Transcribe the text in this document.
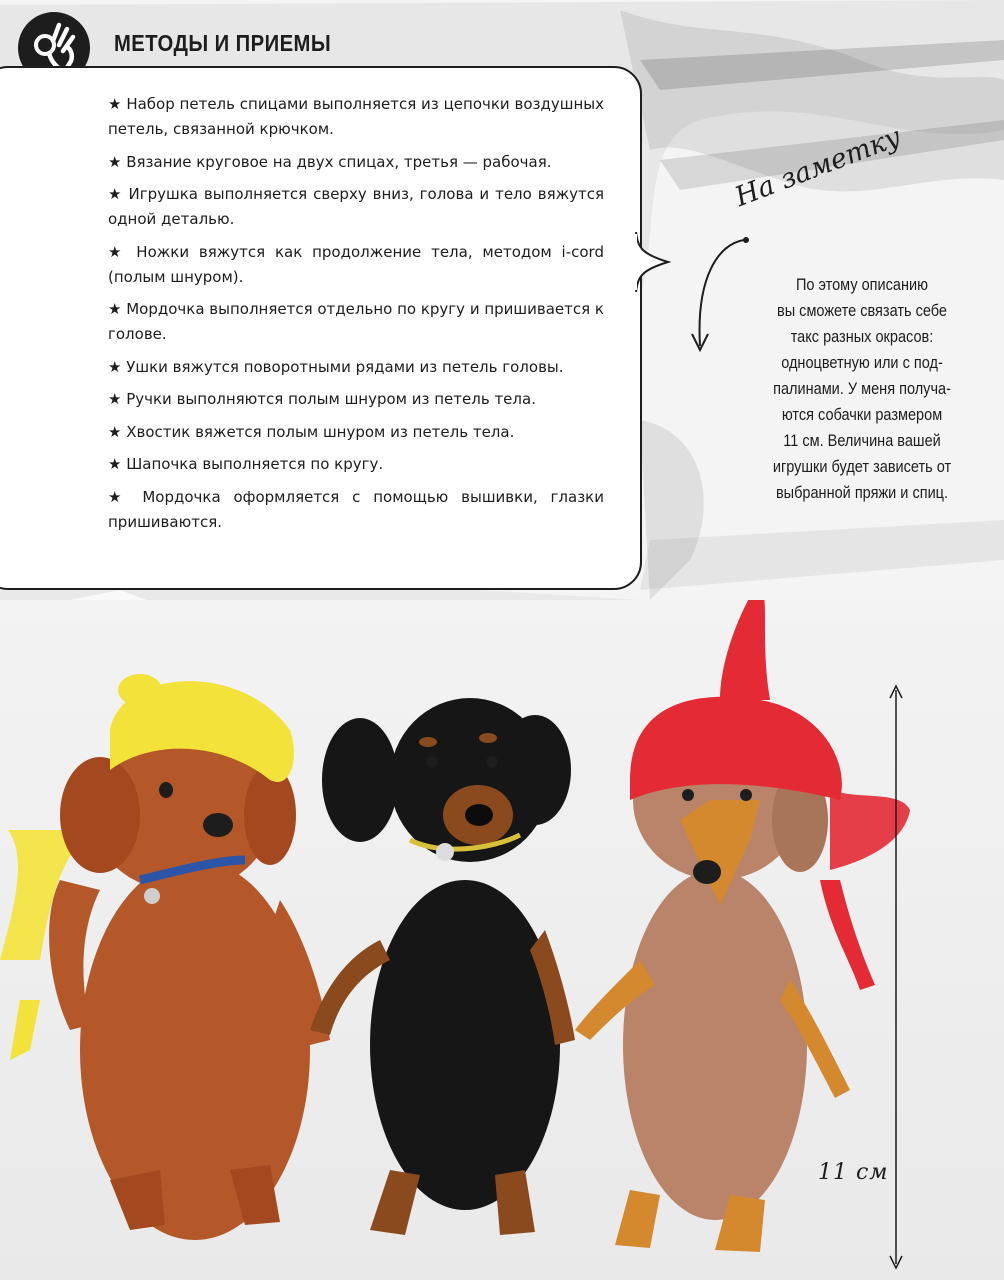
МЕТОДЫ И ПРИЕМЫ
★ Набор петель спицами выполняется из цепочки воздушных петель, связанной крючком.
★ Вязание круговое на двух спицах, третья — рабочая.
★ Игрушка выполняется сверху вниз, голова и тело вяжутся одной деталью.
★ Ножки вяжутся как продолжение тела, методом i-cord (полым шнуром).
★ Мордочка выполняется отдельно по кругу и пришивается к голове.
★ Ушки вяжутся поворотными рядами из петель головы.
★ Ручки выполняются полым шнуром из петель тела.
★ Хвостик вяжется полым шнуром из петель тела.
★ Шапочка выполняется по кругу.
★ Мордочка оформляется с помощью вышивки, глазки пришиваются.
На заметку
По этому описанию
вы сможете связать себе
такс разных окрасов:
одноцветную или с под-
палинами. У меня получа-
ются собачки размером
11 см. Величина вашей
игрушки будет зависеть от
выбранной пряжи и спиц.
11 см
